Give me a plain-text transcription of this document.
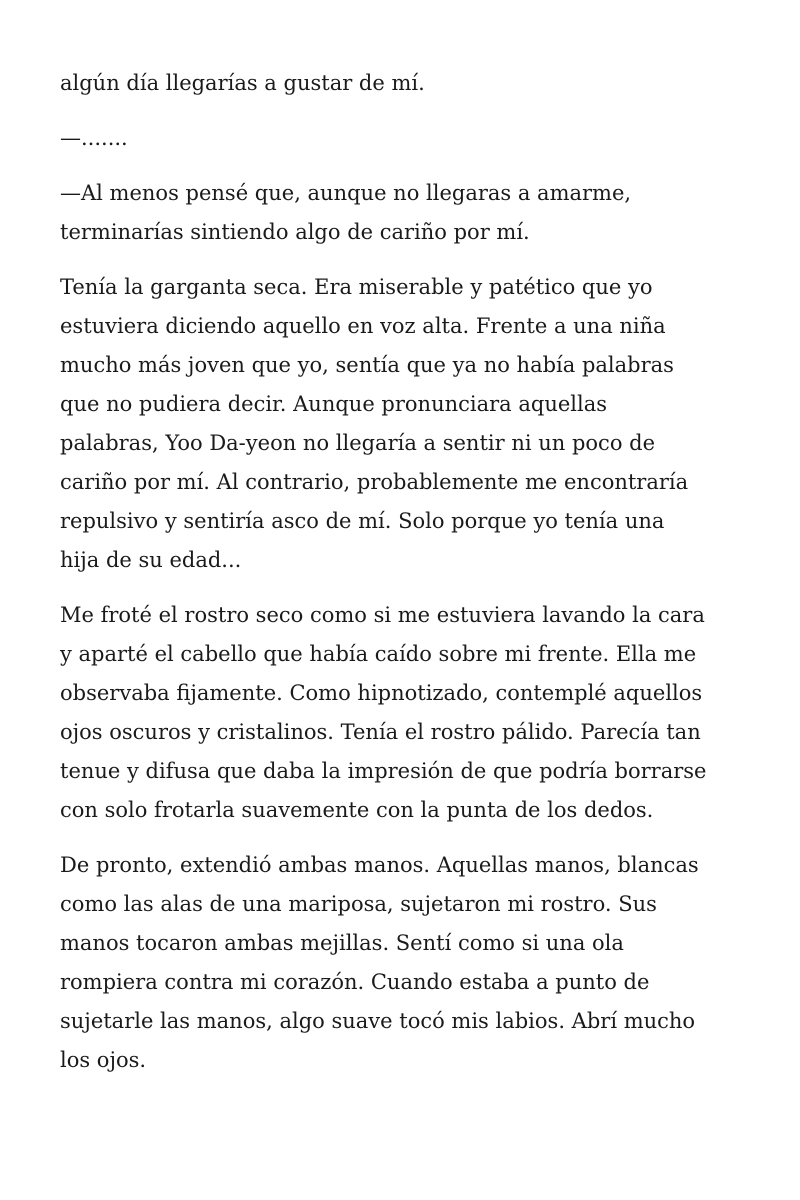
algún día llegarías a gustar de mí.

—.......

—Al menos pensé que, aunque no llegaras a amarme,
terminarías sintiendo algo de cariño por mí.

Tenía la garganta seca. Era miserable y patético que yo
estuviera diciendo aquello en voz alta. Frente a una niña
mucho más joven que yo, sentía que ya no había palabras
que no pudiera decir. Aunque pronunciara aquellas
palabras, Yoo Da-yeon no llegaría a sentir ni un poco de
cariño por mí. Al contrario, probablemente me encontraría
repulsivo y sentiría asco de mí. Solo porque yo tenía una
hija de su edad...

Me froté el rostro seco como si me estuviera lavando la cara
y aparté el cabello que había caído sobre mi frente. Ella me
observaba fijamente. Como hipnotizado, contemplé aquellos
ojos oscuros y cristalinos. Tenía el rostro pálido. Parecía tan
tenue y difusa que daba la impresión de que podría borrarse
con solo frotarla suavemente con la punta de los dedos.

De pronto, extendió ambas manos. Aquellas manos, blancas
como las alas de una mariposa, sujetaron mi rostro. Sus
manos tocaron ambas mejillas. Sentí como si una ola
rompiera contra mi corazón. Cuando estaba a punto de
sujetarle las manos, algo suave tocó mis labios. Abrí mucho
los ojos.
